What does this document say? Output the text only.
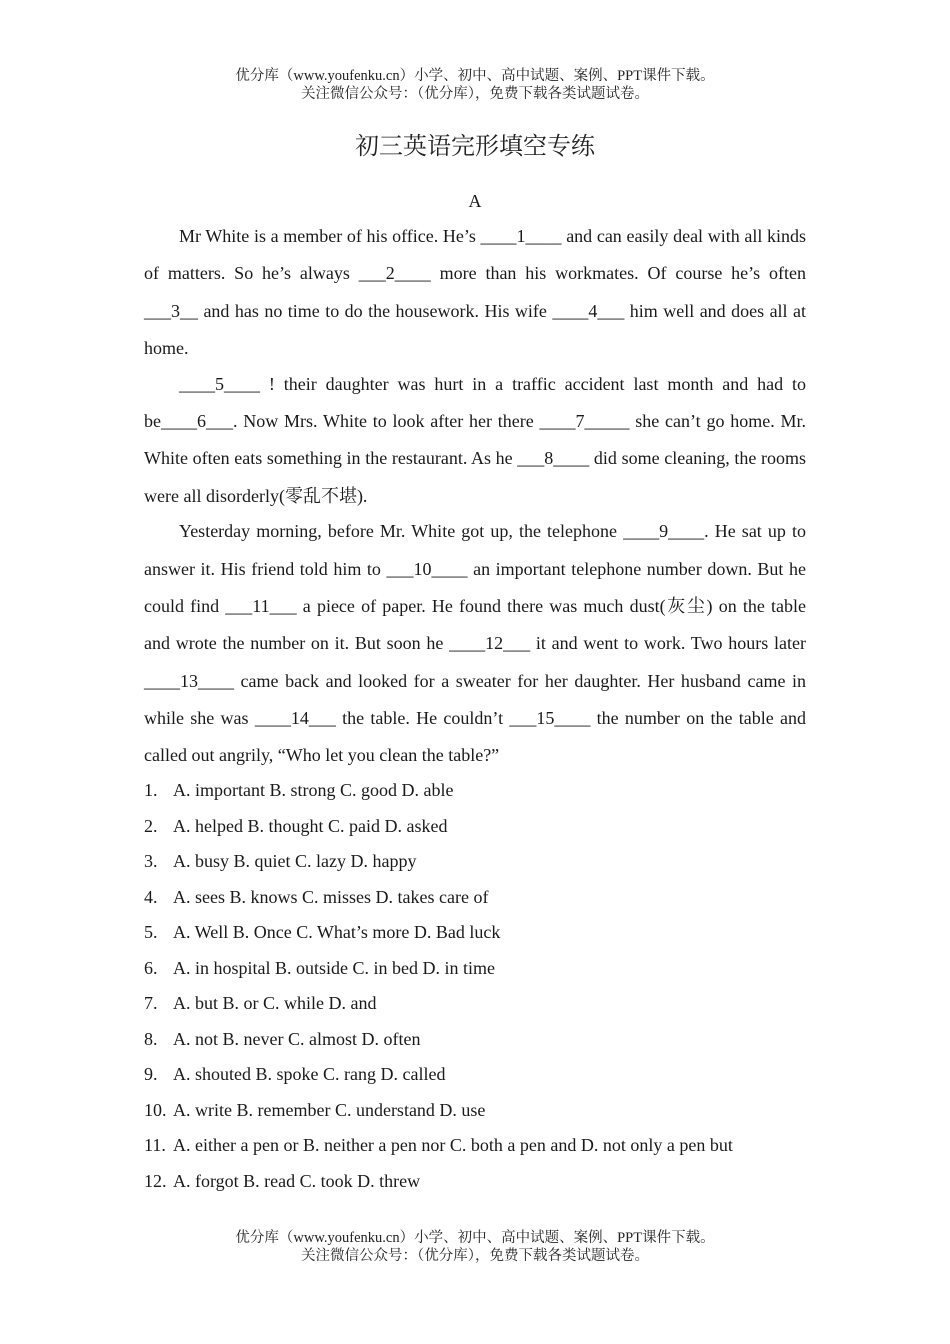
优分库（www.youfenku.cn）小学、初中、高中试题、案例、PPT课件下载。
关注微信公众号：（优分库），免费下载各类试题试卷。
初三英语完形填空专练
A

Mr White is a member of his office. He’s ____1____ and can easily deal with all kinds of matters. So he’s always ___2____ more than his workmates. Of course he’s often ___3__ and has no time to do the housework. His wife ____4___ him well and does all at home.

____5____ ! their daughter was hurt in a traffic accident last month and had to be____6___. Now Mrs. White to look after her there ____7_____ she can’t go home. Mr. White often eats something in the restaurant. As he ___8____ did some cleaning, the rooms were all disorderly(零乱不堪).

Yesterday morning, before Mr. White got up, the telephone ____9____. He sat up to answer it. His friend told him to ___10____ an important telephone number down. But he could find ___11___ a piece of paper. He found there was much dust(灰尘) on the table and wrote the number on it. But soon he ____12___ it and went to work. Two hours later ____13____ came back and looked for a sweater for her daughter. Her husband came in while she was ____14___ the table. He couldn’t ___15____ the number on the table and called out angrily, “Who let you clean the table?”

1. A. important B. strong C. good D. able
2. A. helped B. thought C. paid D. asked
3. A. busy B. quiet C. lazy D. happy
4. A. sees B. knows C. misses D. takes care of
5. A. Well B. Once C. What’s more D. Bad luck
6. A. in hospital B. outside C. in bed D. in time
7. A. but B. or C. while D. and
8. A. not B. never C. almost D. often
9. A. shouted B. spoke C. rang D. called
10. A. write B. remember C. understand D. use
11. A. either a pen or B. neither a pen nor C. both a pen and D. not only a pen but
12. A. forgot B. read C. took D. threw
优分库（www.youfenku.cn）小学、初中、高中试题、案例、PPT课件下载。
关注微信公众号：（优分库），免费下载各类试题试卷。
